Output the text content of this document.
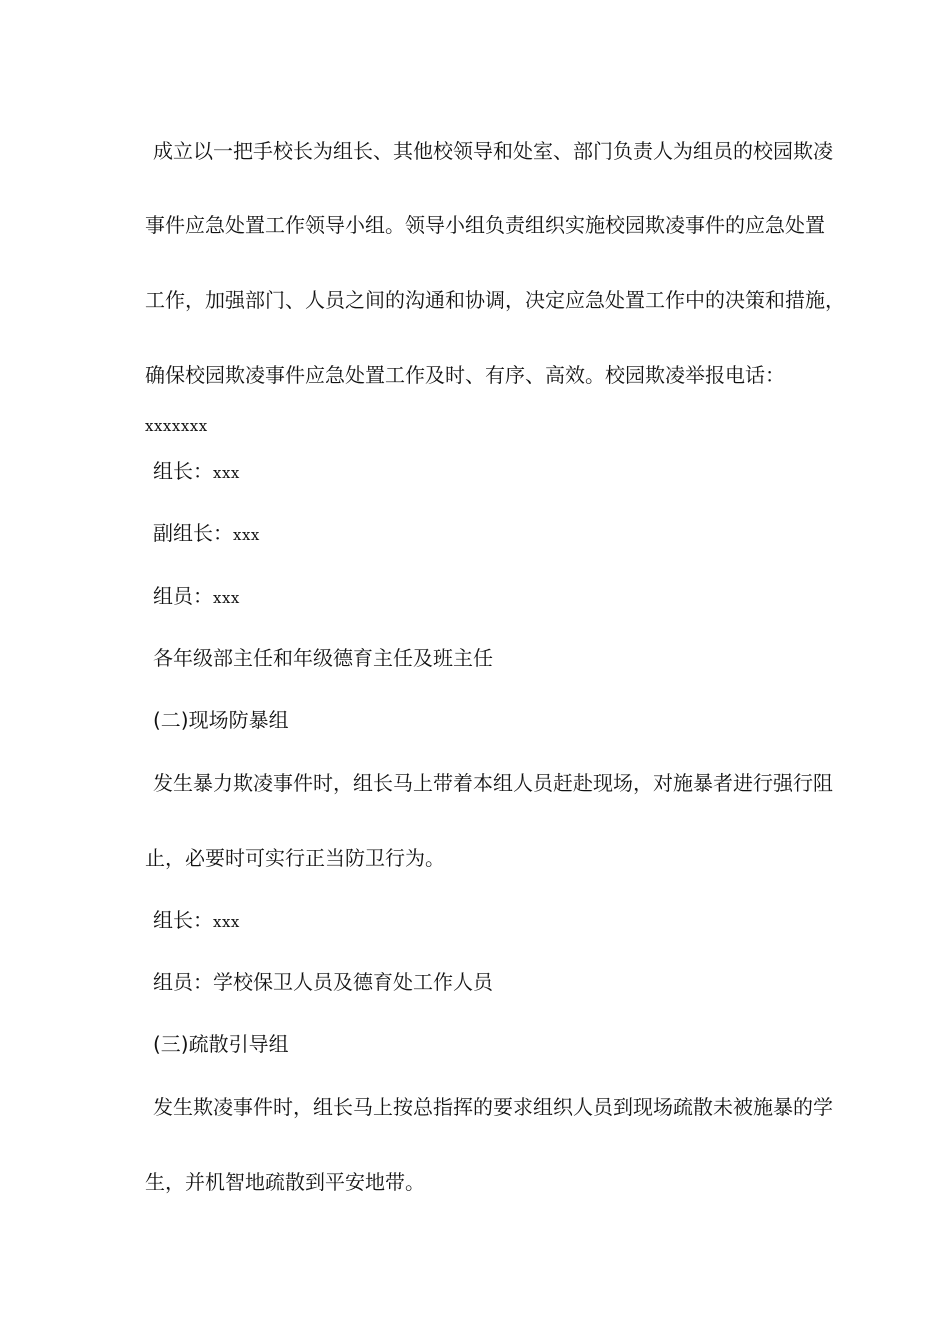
成立以一把手校长为组长、其他校领导和处室、部门负责人为组员的校园欺凌

事件应急处置工作领导小组。领导小组负责组织实施校园欺凌事件的应急处置

工作，加强部门、人员之间的沟通和协调，决定应急处置工作中的决策和措施，

确保校园欺凌事件应急处置工作及时、有序、高效。校园欺凌举报电话：

xxxxxxx

组长：xxx

副组长：xxx

组员：xxx

各年级部主任和年级德育主任及班主任

(二)现场防暴组

发生暴力欺凌事件时，组长马上带着本组人员赶赴现场，对施暴者进行强行阻

止，必要时可实行正当防卫行为。

组长：xxx

组员：学校保卫人员及德育处工作人员

(三)疏散引导组

发生欺凌事件时，组长马上按总指挥的要求组织人员到现场疏散未被施暴的学

生，并机智地疏散到平安地带。
